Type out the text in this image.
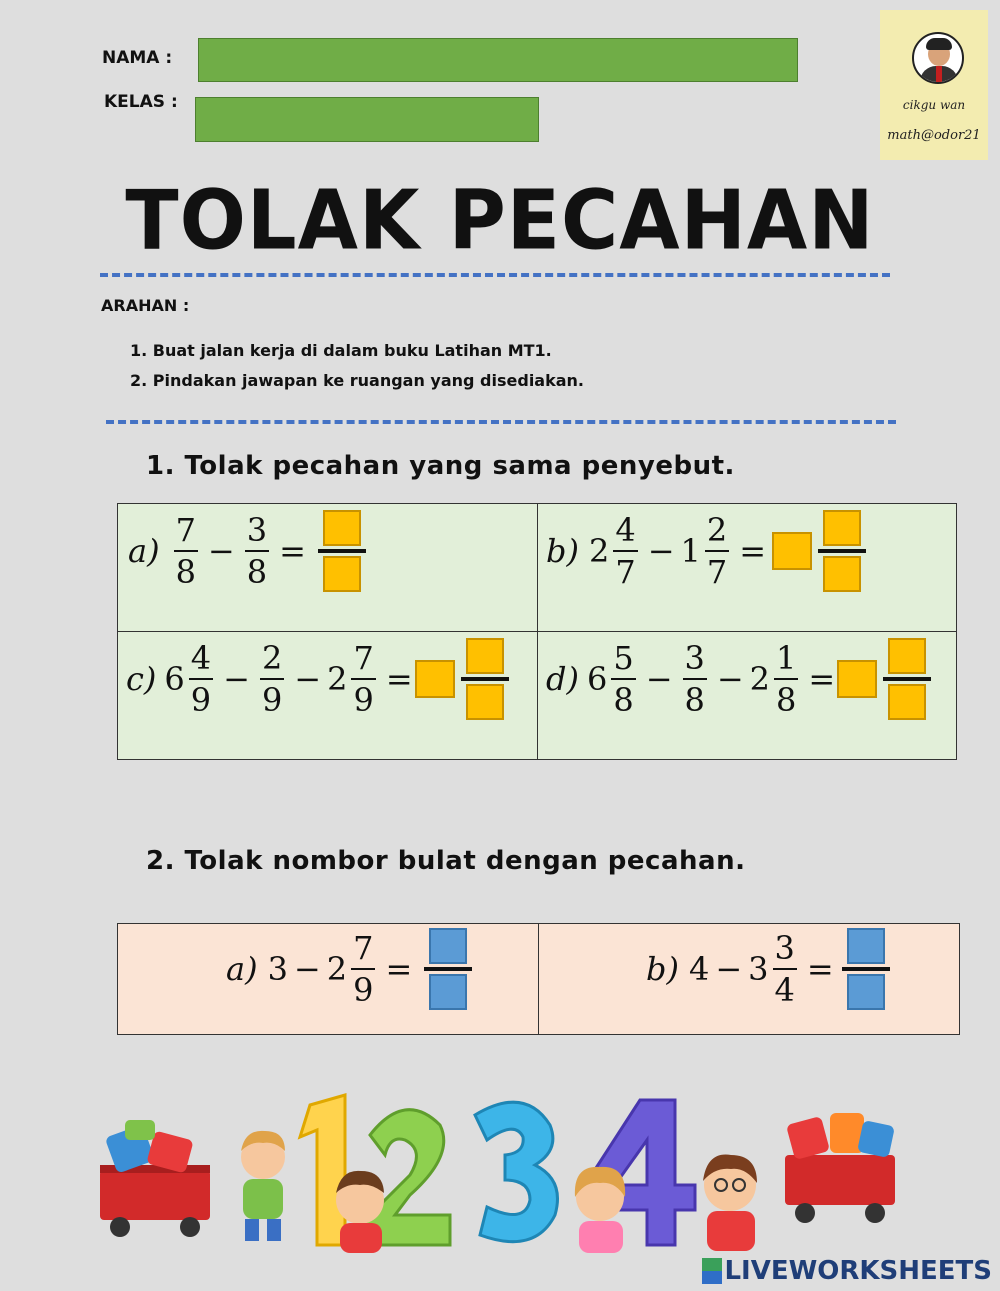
NAMA :
KELAS :	cikgu wan
math@odor21
TOLAK PECAHAN
ARAHAN :
1. Buat jalan kerja di dalam buku Latihan MT1.
2. Pindakan jawapan ke ruangan yang disediakan.
1. Tolak pecahan yang sama penyebut.
$a) \frac{7}{8} - \frac{3}{8}$ =	b) $2 \frac{4}{7} - 1 \frac{2}{7}$ =
c) $6 \frac{4}{9} - \frac{2}{9} - 2 \frac{7}{9}$ =	d) $6 \frac{5}{8} - \frac{3}{8} - 2 \frac{1}{8}$ =
2. Tolak nombor bulat dengan pecahan.
a) $3 - 2 \frac{7}{9}$ =	b) $4 - 3 \frac{3}{4}$ =
LIVEWORKSHEETS
